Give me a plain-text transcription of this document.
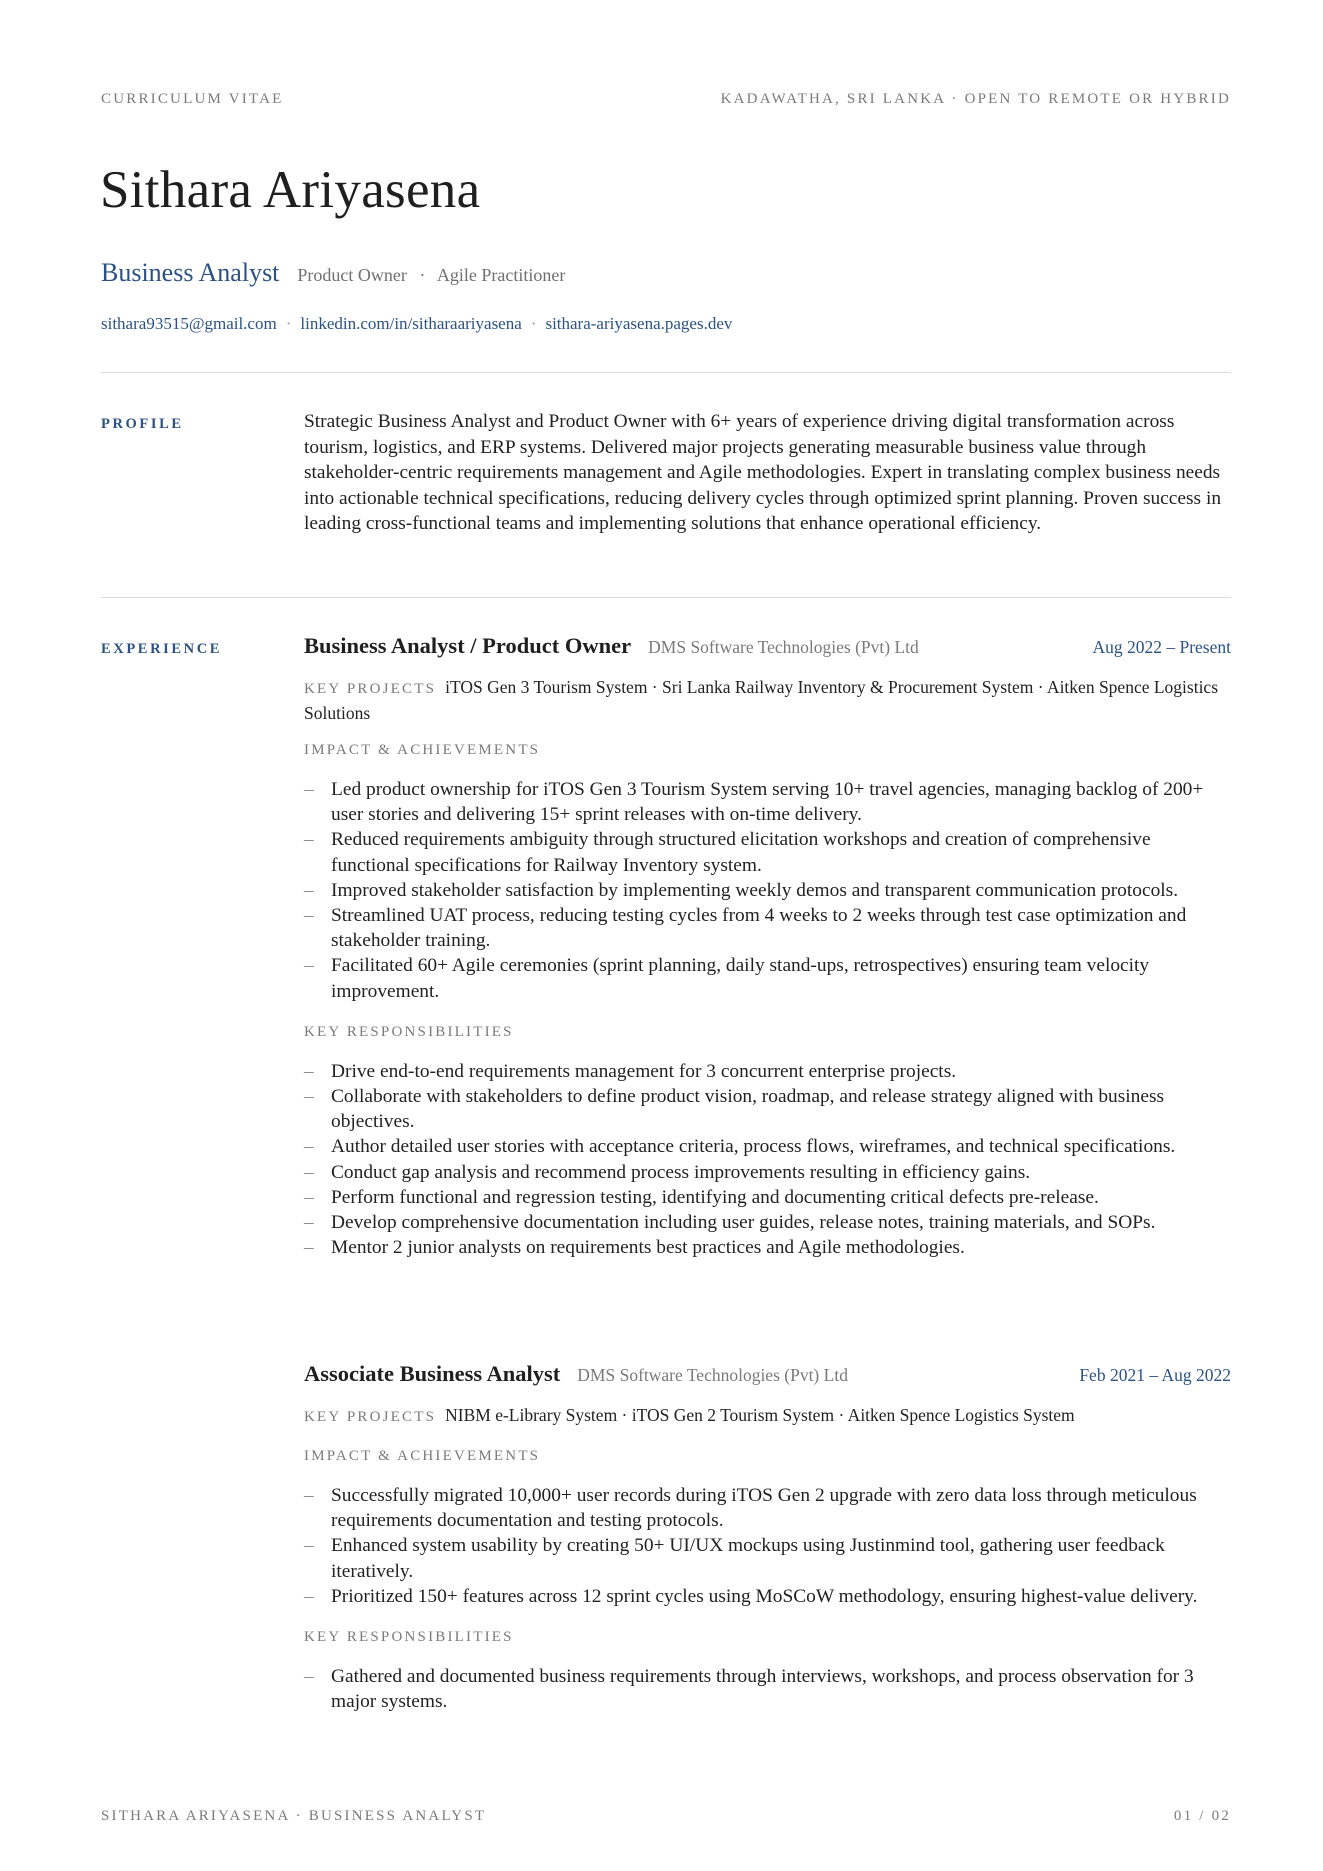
CURRICULUM VITAE	KADAWATHA, SRI LANKA · OPEN TO REMOTE OR HYBRID
Sithara Ariyasena
Business Analyst Product Owner · Agile Practitioner
sithara93515@gmail.com · linkedin.com/in/sitharaariyasena · sithara-ariyasena.pages.dev
PROFILE	Strategic Business Analyst and Product Owner with 6+ years of experience driving digital transformation across tourism, logistics, and ERP systems. Delivered major projects generating measurable business value through stakeholder-centric requirements management and Agile methodologies. Expert in translating complex business needs into actionable technical specifications, reducing delivery cycles through optimized sprint planning. Proven success in leading cross-functional teams and implementing solutions that enhance operational efficiency.
EXPERIENCE	Business Analyst / Product Owner DMS Software Technologies (Pvt) Ltd	Aug 2022 – Present
KEY PROJECTS iTOS Gen 3 Tourism System · Sri Lanka Railway Inventory & Procurement System · Aitken Spence Logistics Solutions
IMPACT & ACHIEVEMENTS
– Led product ownership for iTOS Gen 3 Tourism System serving 10+ travel agencies, managing backlog of 200+ user stories and delivering 15+ sprint releases with on-time delivery.
– Reduced requirements ambiguity through structured elicitation workshops and creation of comprehensive functional specifications for Railway Inventory system.
– Improved stakeholder satisfaction by implementing weekly demos and transparent communication protocols.
– Streamlined UAT process, reducing testing cycles from 4 weeks to 2 weeks through test case optimization and stakeholder training.
– Facilitated 60+ Agile ceremonies (sprint planning, daily stand-ups, retrospectives) ensuring team velocity improvement.
KEY RESPONSIBILITIES
– Drive end-to-end requirements management for 3 concurrent enterprise projects.
– Collaborate with stakeholders to define product vision, roadmap, and release strategy aligned with business objectives.
– Author detailed user stories with acceptance criteria, process flows, wireframes, and technical specifications.
– Conduct gap analysis and recommend process improvements resulting in efficiency gains.
– Perform functional and regression testing, identifying and documenting critical defects pre-release.
– Develop comprehensive documentation including user guides, release notes, training materials, and SOPs.
– Mentor 2 junior analysts on requirements best practices and Agile methodologies.
Associate Business Analyst DMS Software Technologies (Pvt) Ltd	Feb 2021 – Aug 2022
KEY PROJECTS NIBM e-Library System · iTOS Gen 2 Tourism System · Aitken Spence Logistics System
IMPACT & ACHIEVEMENTS
– Successfully migrated 10,000+ user records during iTOS Gen 2 upgrade with zero data loss through meticulous requirements documentation and testing protocols.
– Enhanced system usability by creating 50+ UI/UX mockups using Justinmind tool, gathering user feedback iteratively.
– Prioritized 150+ features across 12 sprint cycles using MoSCoW methodology, ensuring highest-value delivery.
KEY RESPONSIBILITIES
– Gathered and documented business requirements through interviews, workshops, and process observation for 3 major systems.
SITHARA ARIYASENA · BUSINESS ANALYST	01 / 02
